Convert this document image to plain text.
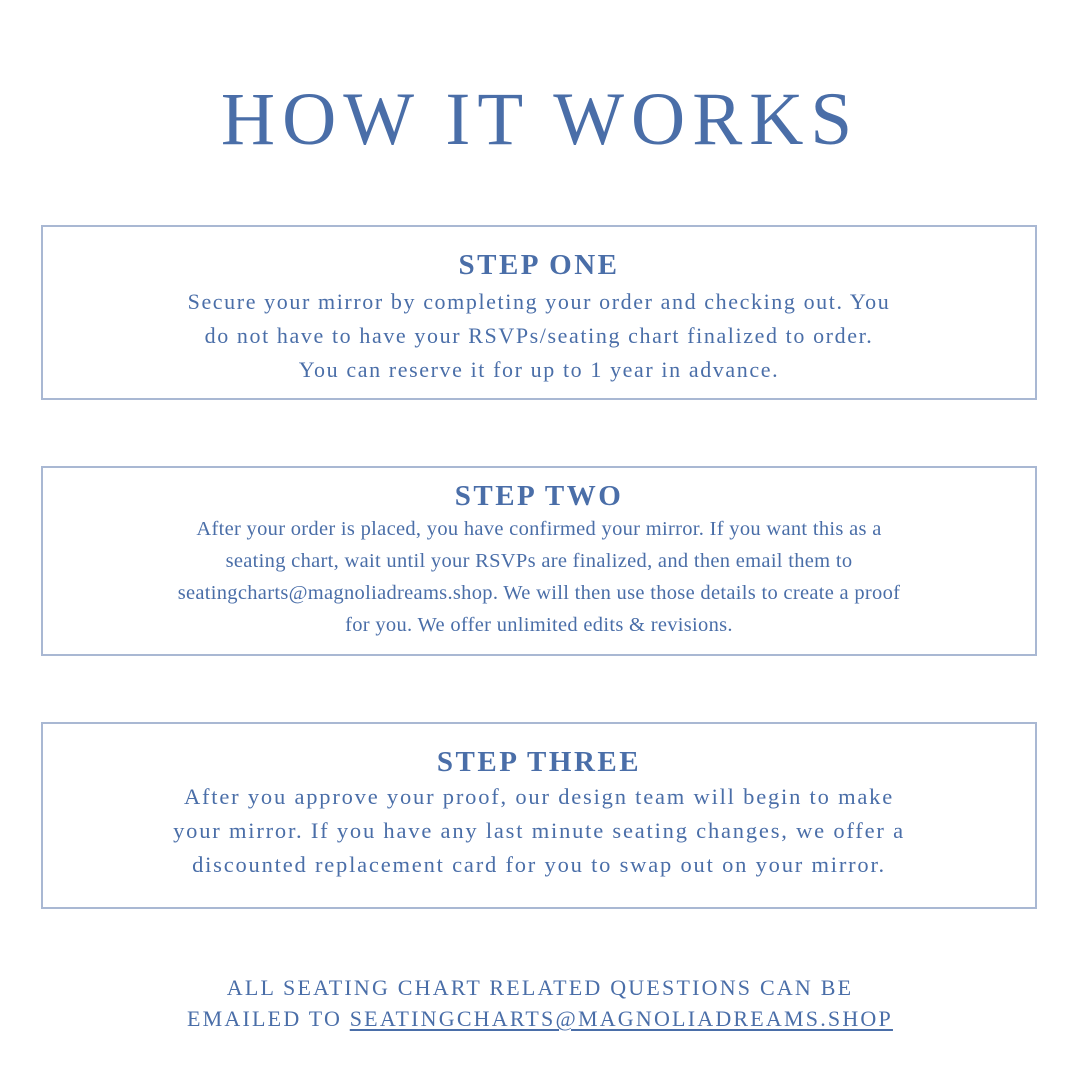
HOW IT WORKS
STEP ONE
Secure your mirror by completing your order and checking out. You
do not have to have your RSVPs/seating chart finalized to order.
You can reserve it for up to 1 year in advance.
STEP TWO
After your order is placed, you have confirmed your mirror. If you want this as a
seating chart, wait until your RSVPs are finalized, and then email them to
seatingcharts@magnoliadreams.shop. We will then use those details to create a proof
for you. We offer unlimited edits & revisions.
STEP THREE
After you approve your proof, our design team will begin to make
your mirror. If you have any last minute seating changes, we offer a
discounted replacement card for you to swap out on your mirror.
ALL SEATING CHART RELATED QUESTIONS CAN BE
EMAILED TO SEATINGCHARTS@MAGNOLIADREAMS.SHOP
